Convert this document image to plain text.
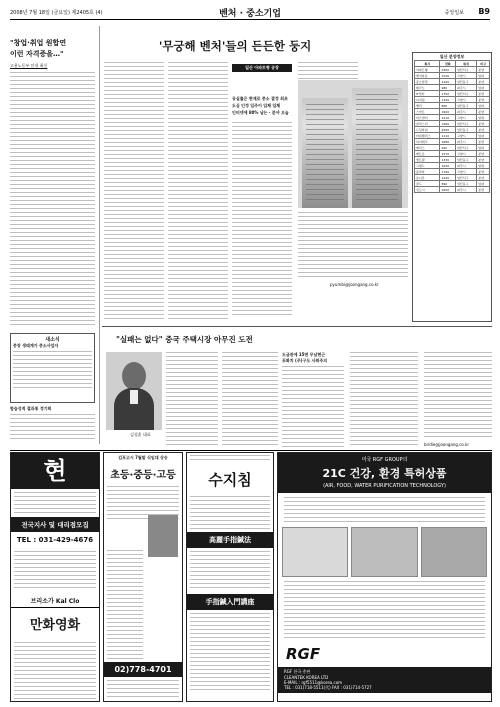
2008년 7월 18일 (금요일) 제2405호 (4)	벤처 · 중소기업	중앙일보 B9
"창업·취업 원합연
이런 자격증을…"
고용노동부 안내 최신
새소식
중장 생태계가 중소사업자
합습성적 결과통 정기회
'무궁해 벤처'들의 든든한 둥지
일산 아파트형 공장
공실률은 현재로 중소 결정 최초
도심 인정 입주어 입체 입체
인터넷에 80% 납는 · 분야 오늘
pyumbi@joongang.co.kr
일산 분양정보
회사	전화	위치	비고
아파트형	2300	일산서구	분양
벤처타운	1540	고양시	임대
중소빌딩	2100	일산동구	분양
테크노	980	파주시	임대
IT센터	1750	일산서구	분양
디지털	1320	고양시	분양
밸리	860	일산동구	임대
스마트	1900	파주시	분양
비즈센터	1210	고양시	임대
클러스터	1460	일산서구	분양
드림타워	2050	일산동구	분양
타워팰리스	1110	고양시	임대
하이테크	1680	파주시	분양
에이스	940	일산서구	임대
메트로	1570	고양시	분양
센트럴	1330	일산동구	분양
그랜드	1020	파주시	임대
플라자	1790	고양시	분양
유니온	1240	일산서구	분양
골드	890	일산동구	임대
신도시	1650	파주시	분양
"실패는 없다" 중국 주택시장 아무진 도전
김성훈 대표
도금관에 15면 무남현근
포화치 (주)구도 사회주의
birdie@joongang.co.kr
현
전국지사 및 대리점모집
TEL : 031-429-4676
브리소가 Kal Clo
만화영화
김포고시 7월말 식임대 상승
초등·중등·고등
02)778-4701
수지침
高麗手指鍼法
手指鍼入門講座
미국 RGF GROUP의
21C 건강, 환경 특허상품
(AIR, FOOD, WATER PURIFICATION TECHNOLOGY)
RGF
RGF 한국 총판
CLEANTEK KOREA LTD
E-MAIL : rgf5511@korea.com
TEL : 031)718-5511(代) FAX : 031)714-5727
